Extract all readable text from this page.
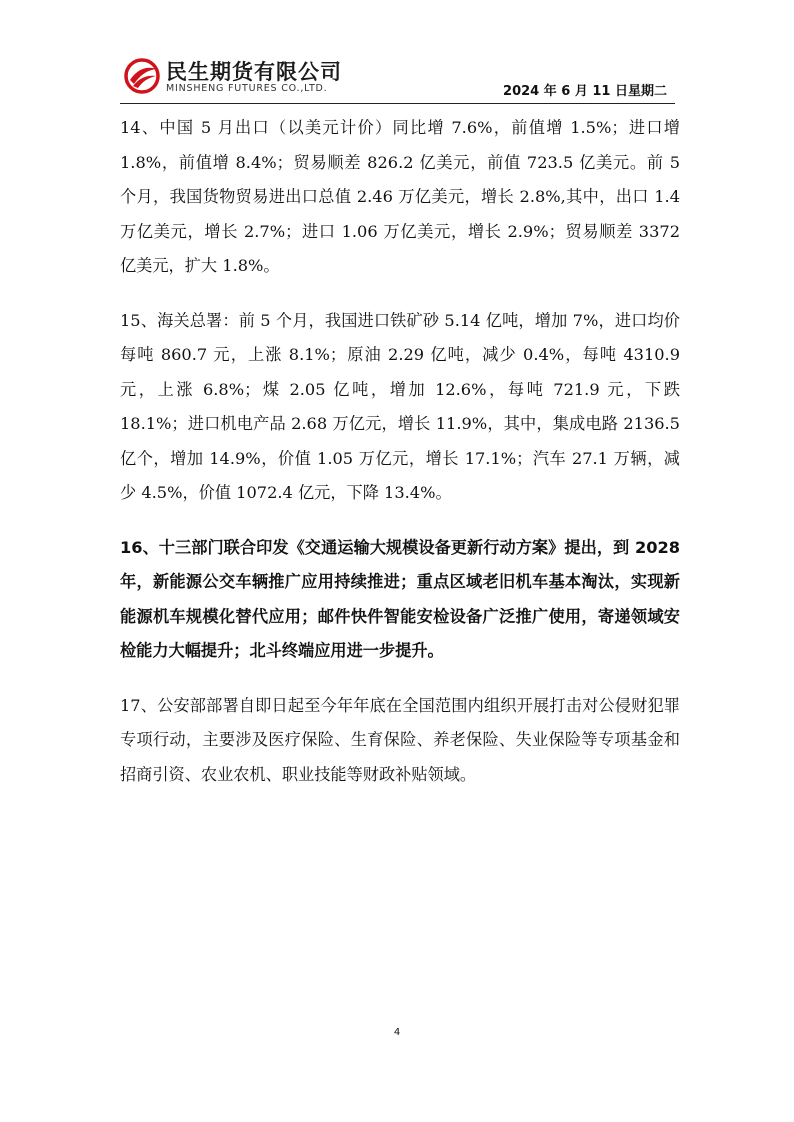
民生期货有限公司
MINSHENG FUTURES CO.,LTD.	2024 年 6 月 11 日星期二

14、中国 5 月出口（以美元计价）同比增 7.6%，前值增 1.5%；进口增 1.8%，前值增 8.4%；贸易顺差 826.2 亿美元，前值 723.5 亿美元。前 5 个月，我国货物贸易进出口总值 2.46 万亿美元，增长 2.8%,其中，出口 1.4 万亿美元，增长 2.7%；进口 1.06 万亿美元，增长 2.9%；贸易顺差 3372 亿美元，扩大 1.8%。

15、海关总署：前 5 个月，我国进口铁矿砂 5.14 亿吨，增加 7%，进口均价每吨 860.7 元，上涨 8.1%；原油 2.29 亿吨，减少 0.4%，每吨 4310.9 元，上涨 6.8%；煤 2.05 亿吨，增加 12.6%，每吨 721.9 元，下跌 18.1%；进口机电产品 2.68 万亿元，增长 11.9%，其中，集成电路 2136.5 亿个，增加 14.9%，价值 1.05 万亿元，增长 17.1%；汽车 27.1 万辆，减少 4.5%，价值 1072.4 亿元，下降 13.4%。

16、十三部门联合印发《交通运输大规模设备更新行动方案》提出，到 2028 年，新能源公交车辆推广应用持续推进；重点区域老旧机车基本淘汰，实现新能源机车规模化替代应用；邮件快件智能安检设备广泛推广使用，寄递领域安检能力大幅提升；北斗终端应用进一步提升。

17、公安部部署自即日起至今年年底在全国范围内组织开展打击对公侵财犯罪专项行动，主要涉及医疗保险、生育保险、养老保险、失业保险等专项基金和招商引资、农业农机、职业技能等财政补贴领域。

4
